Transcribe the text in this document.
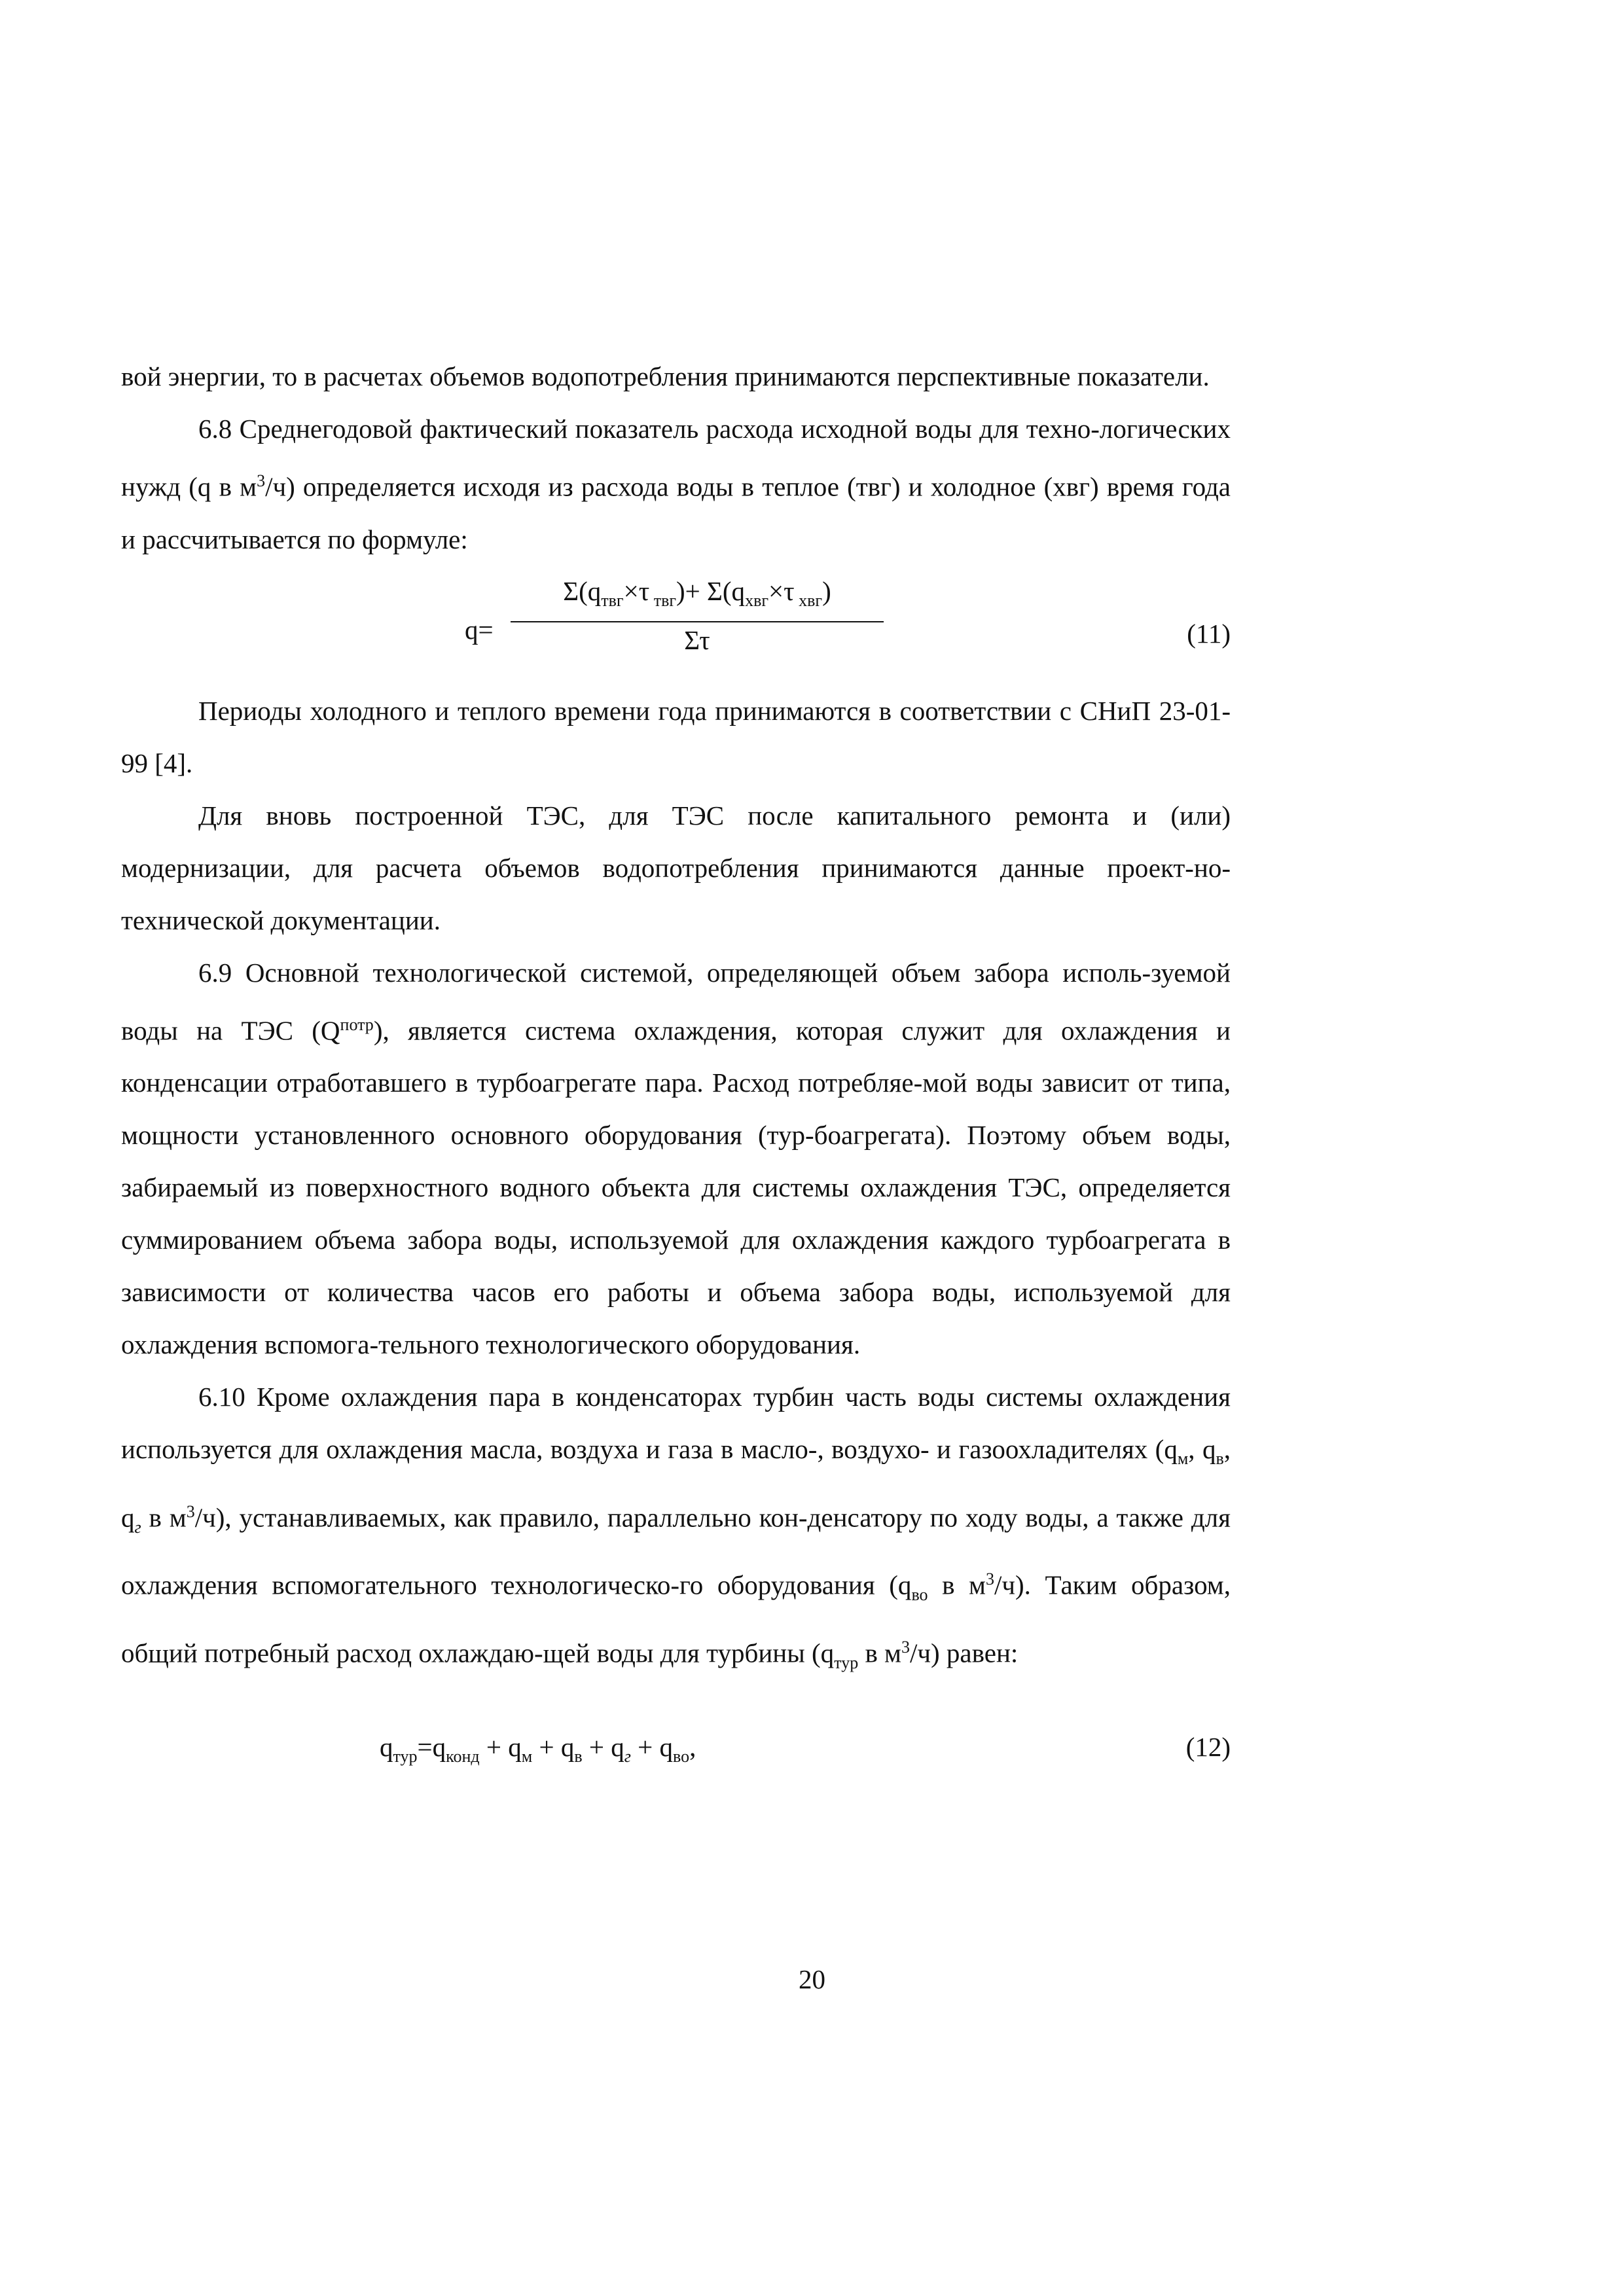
вой энергии, то в расчетах объемов водопотребления принимаются перспективные показатели.

6.8 Среднегодовой фактический показатель расхода исходной воды для техно-логических нужд (q в $м^3/ч$) определяется исходя из расхода воды в теплое (твг) и холодное (хвг) время года и рассчитывается по формуле:

q=
$\Sigma(q_{твг}\times\tau$ $_{твг})+ \Sigma(q_{хвг}\times\tau$ $_{хвг}$)
Στ	(11)

Периоды холодного и теплого времени года принимаются в соответствии с СНиП 23-01-99 [4].

Для вновь построенной ТЭС, для ТЭС после капитального ремонта и (или) модернизации, для расчета объемов водопотребления принимаются данные проект-но-технической документации.

6.9 Основной технологической системой, определяющей объем забора исполь-зуемой воды на ТЭС $(Q^{потр})$, является система охлаждения, которая служит для охлаждения и конденсации отработавшего в турбоагрегате пара. Расход потребляе-мой воды зависит от типа, мощности установленного основного оборудования (тур-боагрегата). Поэтому объем воды, забираемый из поверхностного водного объекта для системы охлаждения ТЭС, определяется суммированием объема забора воды, используемой для охлаждения каждого турбоагрегата в зависимости от количества часов его работы и объема забора воды, используемой для охлаждения вспомога-тельного технологического оборудования.

6.10 Кроме охлаждения пара в конденсаторах турбин часть воды системы охлаждения используется для охлаждения масла, воздуха и газа в масло-, воздухо- и газоохладителях ($q_м$, $q_в$, $q_г$ в $м^3/ч$), устанавливаемых, как правило, параллельно кон-денсатору по ходу воды, а также для охлаждения вспомогательного технологическо-го оборудования ($q_{во}$ в $м^3/ч$). Таким образом, общий потребный расход охлаждаю-щей воды для турбины ($q_{тур}$ в $м^3/ч$) равен:

$q_{тур}=q_{конд} + q_м + q_в + q_г + q_{во}$,	(12)
20
